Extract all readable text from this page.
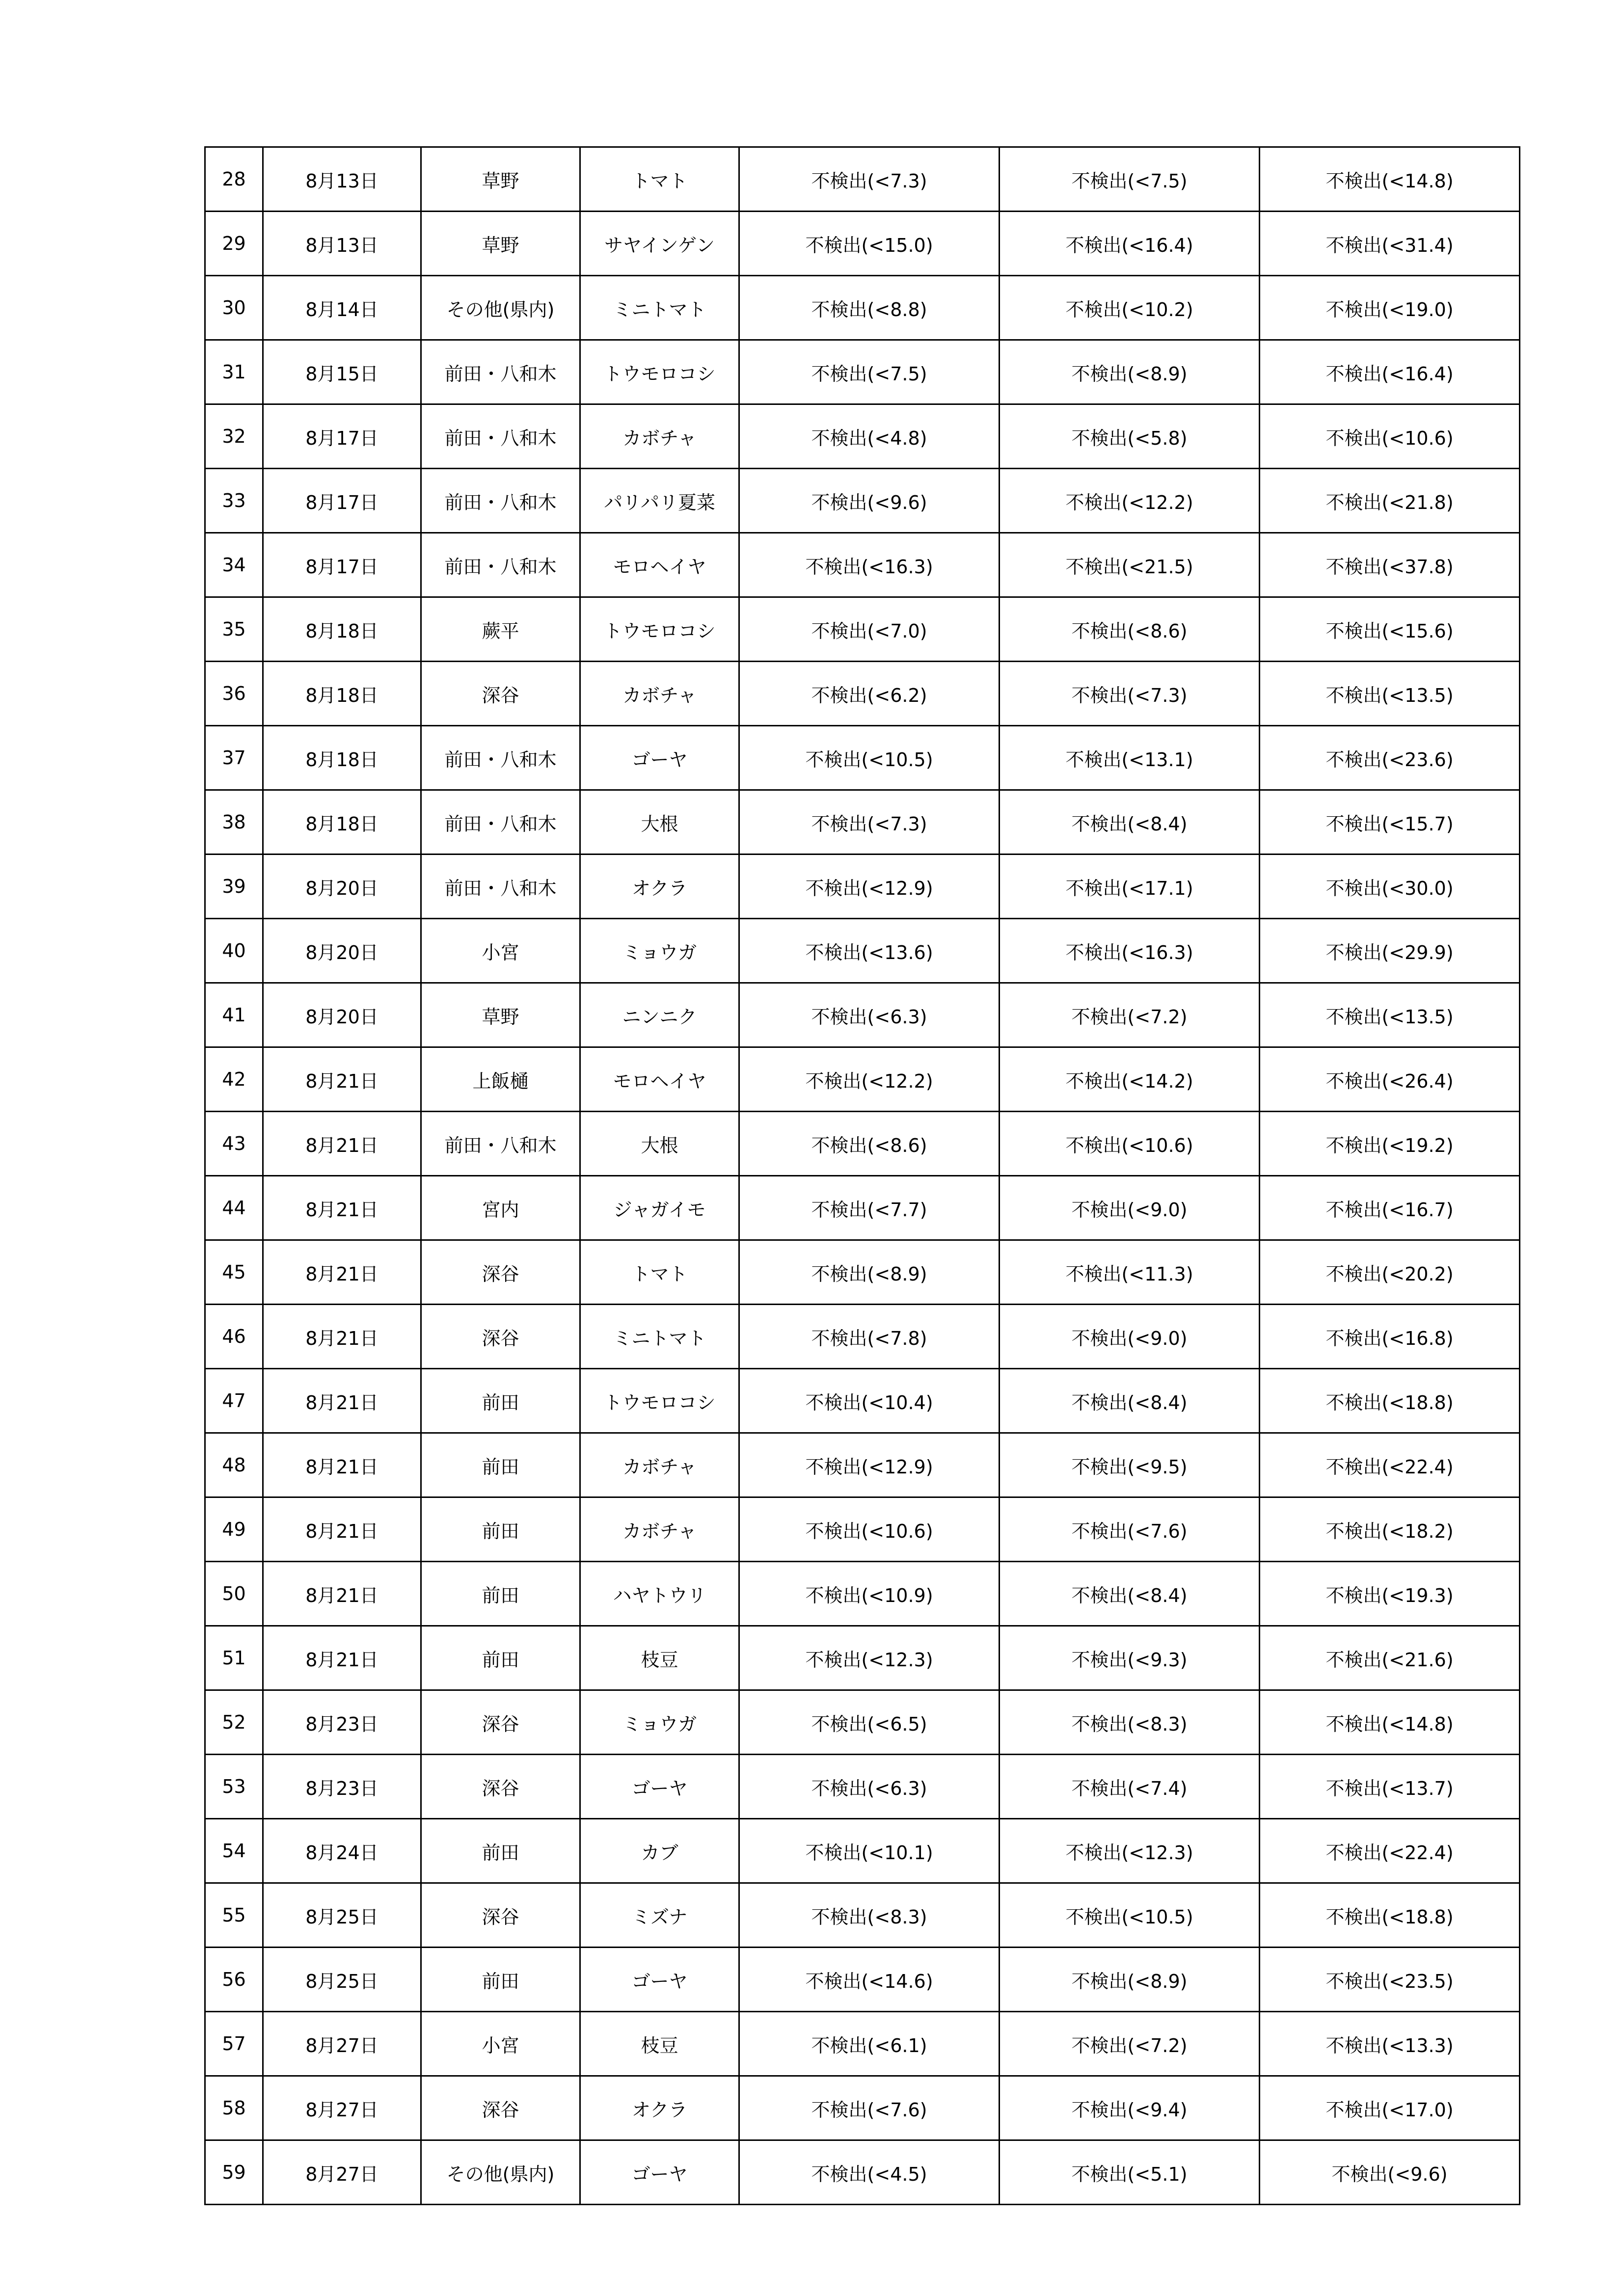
28	8月13日	草野	トマト	不検出(<7.3)	不検出(<7.5)	不検出(<14.8)
29	8月13日	草野	サヤインゲン	不検出(<15.0)	不検出(<16.4)	不検出(<31.4)
30	8月14日	その他(県内)	ミニトマト	不検出(<8.8)	不検出(<10.2)	不検出(<19.0)
31	8月15日	前田・八和木	トウモロコシ	不検出(<7.5)	不検出(<8.9)	不検出(<16.4)
32	8月17日	前田・八和木	カボチャ	不検出(<4.8)	不検出(<5.8)	不検出(<10.6)
33	8月17日	前田・八和木	パリパリ夏菜	不検出(<9.6)	不検出(<12.2)	不検出(<21.8)
34	8月17日	前田・八和木	モロヘイヤ	不検出(<16.3)	不検出(<21.5)	不検出(<37.8)
35	8月18日	蕨平	トウモロコシ	不検出(<7.0)	不検出(<8.6)	不検出(<15.6)
36	8月18日	深谷	カボチャ	不検出(<6.2)	不検出(<7.3)	不検出(<13.5)
37	8月18日	前田・八和木	ゴーヤ	不検出(<10.5)	不検出(<13.1)	不検出(<23.6)
38	8月18日	前田・八和木	大根	不検出(<7.3)	不検出(<8.4)	不検出(<15.7)
39	8月20日	前田・八和木	オクラ	不検出(<12.9)	不検出(<17.1)	不検出(<30.0)
40	8月20日	小宮	ミョウガ	不検出(<13.6)	不検出(<16.3)	不検出(<29.9)
41	8月20日	草野	ニンニク	不検出(<6.3)	不検出(<7.2)	不検出(<13.5)
42	8月21日	上飯樋	モロヘイヤ	不検出(<12.2)	不検出(<14.2)	不検出(<26.4)
43	8月21日	前田・八和木	大根	不検出(<8.6)	不検出(<10.6)	不検出(<19.2)
44	8月21日	宮内	ジャガイモ	不検出(<7.7)	不検出(<9.0)	不検出(<16.7)
45	8月21日	深谷	トマト	不検出(<8.9)	不検出(<11.3)	不検出(<20.2)
46	8月21日	深谷	ミニトマト	不検出(<7.8)	不検出(<9.0)	不検出(<16.8)
47	8月21日	前田	トウモロコシ	不検出(<10.4)	不検出(<8.4)	不検出(<18.8)
48	8月21日	前田	カボチャ	不検出(<12.9)	不検出(<9.5)	不検出(<22.4)
49	8月21日	前田	カボチャ	不検出(<10.6)	不検出(<7.6)	不検出(<18.2)
50	8月21日	前田	ハヤトウリ	不検出(<10.9)	不検出(<8.4)	不検出(<19.3)
51	8月21日	前田	枝豆	不検出(<12.3)	不検出(<9.3)	不検出(<21.6)
52	8月23日	深谷	ミョウガ	不検出(<6.5)	不検出(<8.3)	不検出(<14.8)
53	8月23日	深谷	ゴーヤ	不検出(<6.3)	不検出(<7.4)	不検出(<13.7)
54	8月24日	前田	カブ	不検出(<10.1)	不検出(<12.3)	不検出(<22.4)
55	8月25日	深谷	ミズナ	不検出(<8.3)	不検出(<10.5)	不検出(<18.8)
56	8月25日	前田	ゴーヤ	不検出(<14.6)	不検出(<8.9)	不検出(<23.5)
57	8月27日	小宮	枝豆	不検出(<6.1)	不検出(<7.2)	不検出(<13.3)
58	8月27日	深谷	オクラ	不検出(<7.6)	不検出(<9.4)	不検出(<17.0)
59	8月27日	その他(県内)	ゴーヤ	不検出(<4.5)	不検出(<5.1)	不検出(<9.6)
